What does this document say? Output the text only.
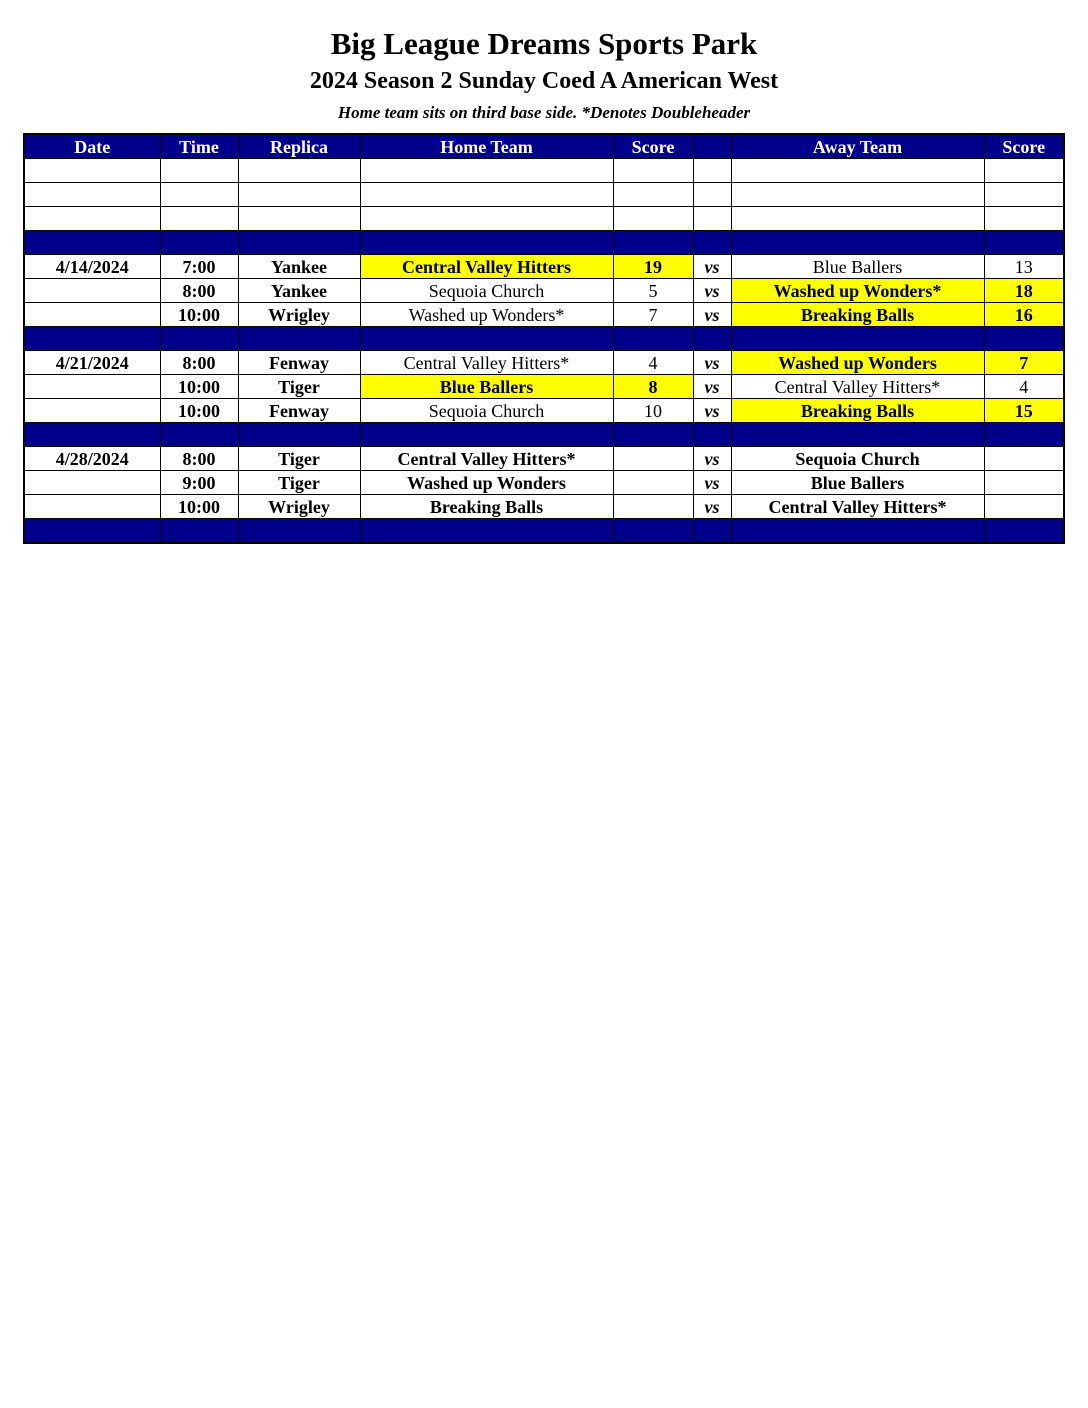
Big League Dreams Sports Park
2024 Season 2 Sunday Coed A American West

Home team sits on third base side. *Denotes Doubleheader

Date	Time	Replica	Home Team	Score		Away Team	Score

4/14/2024	7:00	Yankee	Central Valley Hitters	19	vs	Blue Ballers	13
	8:00	Yankee	Sequoia Church	5	vs	Washed up Wonders*	18
	10:00	Wrigley	Washed up Wonders*	7	vs	Breaking Balls	16

4/21/2024	8:00	Fenway	Central Valley Hitters*	4	vs	Washed up Wonders	7
	10:00	Tiger	Blue Ballers	8	vs	Central Valley Hitters*	4
	10:00	Fenway	Sequoia Church	10	vs	Breaking Balls	15

4/28/2024	8:00	Tiger	Central Valley Hitters*		vs	Sequoia Church	
	9:00	Tiger	Washed up Wonders		vs	Blue Ballers	
	10:00	Wrigley	Breaking Balls		vs	Central Valley Hitters*	
